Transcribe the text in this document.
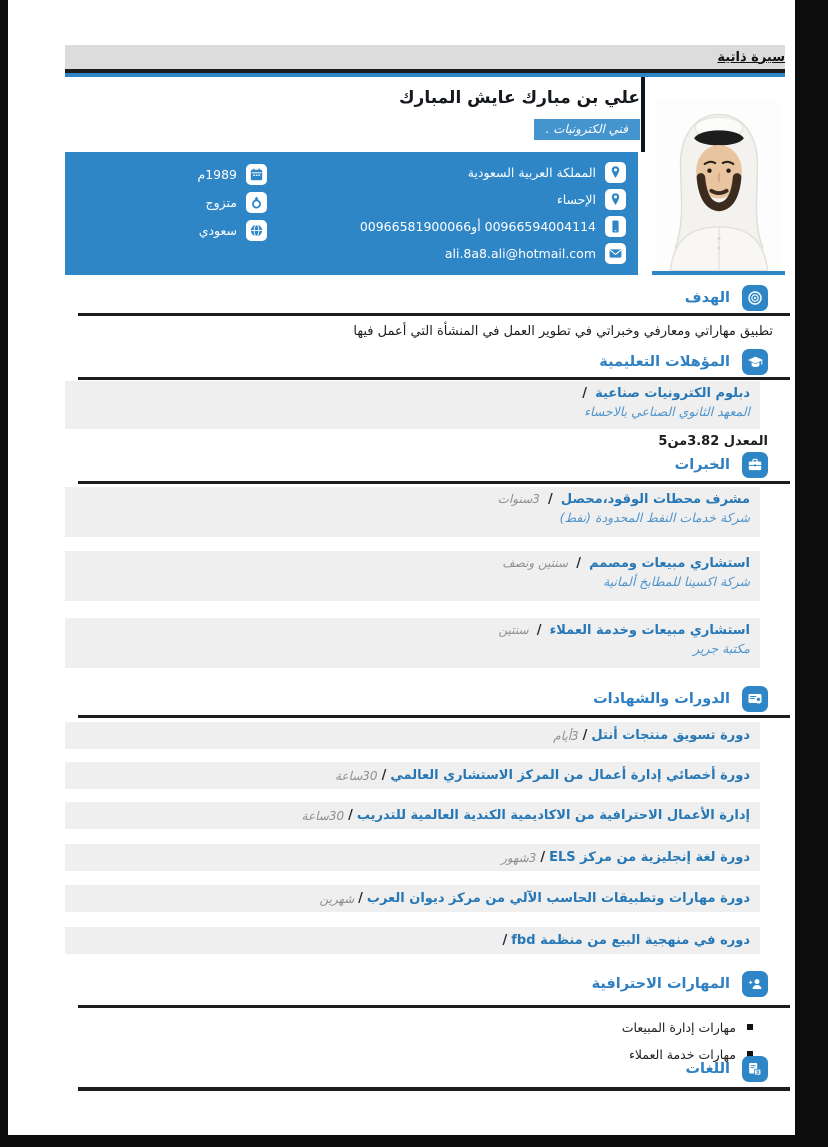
سيرة ذاتية
علي بن مبارك عايش المبارك
فني الكترونيات .
المملكة العربية السعودية
الإحساء
00966594004114 أو00966581900066
ali.8a8.ali@hotmail.com
1989م
متزوج
سعودي
الهدف
تطبيق مهاراتي ومعارفي وخبراتي في تطوير العمل في المنشأة التي أعمل فيها
المؤهلات التعليمية
دبلوم الكترونيات صناعية /
المعهد الثانوي الصناعي بالاحساء
المعدل 3.82من5
الخبرات
مشرف محطات الوقود،محصل / 3سنوات
شركة خدمات النفط المحدودة (نفط)
استشاري مبيعات ومصمم / سنتين ونصف
شركة اكسينا للمطابخ ألمانية
استشاري مبيعات وخدمة العملاء / سنتين
مكتبة جرير
الدورات والشهادات
دورة تسويق منتجات أنتل
/
3أيام
دورة أخصائي إدارة أعمال من المركز الاستشاري العالمي
/
30ساعة
إدارة الأعمال الاحترافية من الاكاديمية الكندية العالمية للتدريب
/
30ساعة
دورة لغة إنجليزية من مركز ELS
/
3شهور
دورة مهارات وتطبيقات الحاسب الآلي من مركز ديوان العرب
/
شهرين
دوره في منهجية البيع من منظمة fbd
/
المهارات الاحترافية
مهارات إدارة المبيعات
مهارات خدمة العملاء
اللغات
